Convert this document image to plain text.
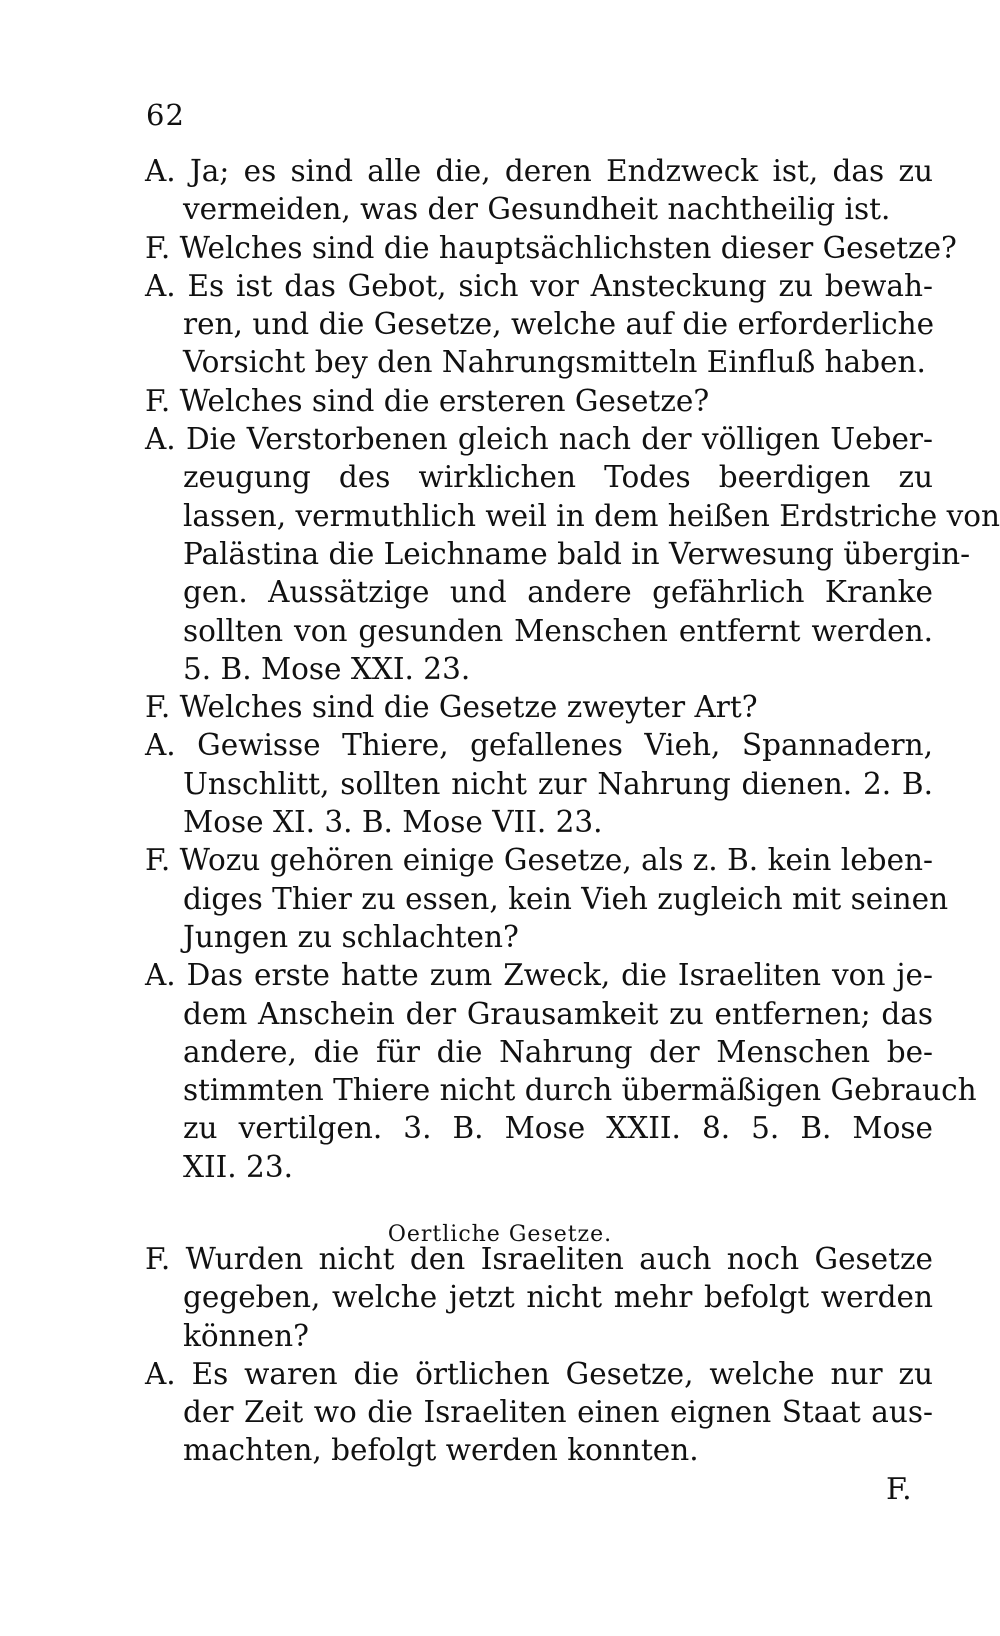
62
A. Ja; es sind alle die, deren Endzweck ist, das zu
vermeiden, was der Gesundheit nachtheilig ist.
F. Welches sind die hauptsächlichsten dieser Gesetze?
A. Es ist das Gebot, sich vor Ansteckung zu bewah-
ren, und die Gesetze, welche auf die erforderliche
Vorsicht bey den Nahrungsmitteln Einfluß haben.
F. Welches sind die ersteren Gesetze?
A. Die Verstorbenen gleich nach der völligen Ueber-
zeugung des wirklichen Todes beerdigen zu
lassen, vermuthlich weil in dem heißen Erdstriche von
Palästina die Leichname bald in Verwesung übergin-
gen. Aussätzige und andere gefährlich Kranke
sollten von gesunden Menschen entfernt werden.
5. B. Mose XXI. 23.
F. Welches sind die Gesetze zweyter Art?
A. Gewisse Thiere, gefallenes Vieh, Spannadern,
Unschlitt, sollten nicht zur Nahrung dienen. 2. B.
Mose XI. 3. B. Mose VII. 23.
F. Wozu gehören einige Gesetze, als z. B. kein leben-
diges Thier zu essen, kein Vieh zugleich mit seinen
Jungen zu schlachten?
A. Das erste hatte zum Zweck, die Israeliten von je-
dem Anschein der Grausamkeit zu entfernen; das
andere, die für die Nahrung der Menschen be-
stimmten Thiere nicht durch übermäßigen Gebrauch
zu vertilgen. 3. B. Mose XXII. 8. 5. B. Mose
XII. 23.
Oertliche Gesetze.
F. Wurden nicht den Israeliten auch noch Gesetze
gegeben, welche jetzt nicht mehr befolgt werden
können?
A. Es waren die örtlichen Gesetze, welche nur zu
der Zeit wo die Israeliten einen eignen Staat aus-
machten, befolgt werden konnten.
F.
